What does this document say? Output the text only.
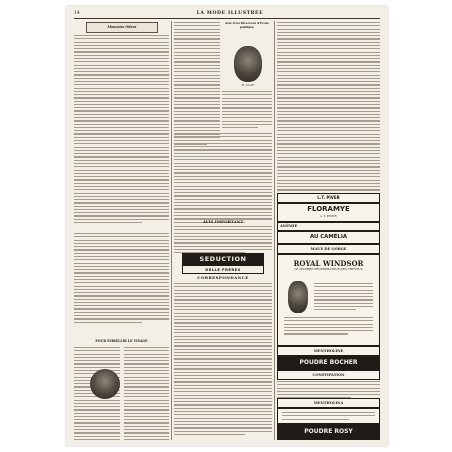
14	LA MODE ILLUSTRÉE
Mauvaise Odeur
POUR EMBELLIR LE VISAGE
Avis d'un Directeur d'École publique
M. JOUAN
AVIS IMPORTANT
SEDUCTION
GELLE FRÈRES
CORRESPONDANCE
L.T. PIVER
FLORAMYE
L.T. PIVER
ANÉMIE
AU CAMÉLIA
MAUX DE GORGE
ROYAL WINDSOR
LE CÉLÈBRE RÉGÉNÉRATEUR DES CHEVEUX
MENTHOLINE
POUDRE BOCHER
CONSTIPATION
MENTHOLINA
POUDRE ROSY
